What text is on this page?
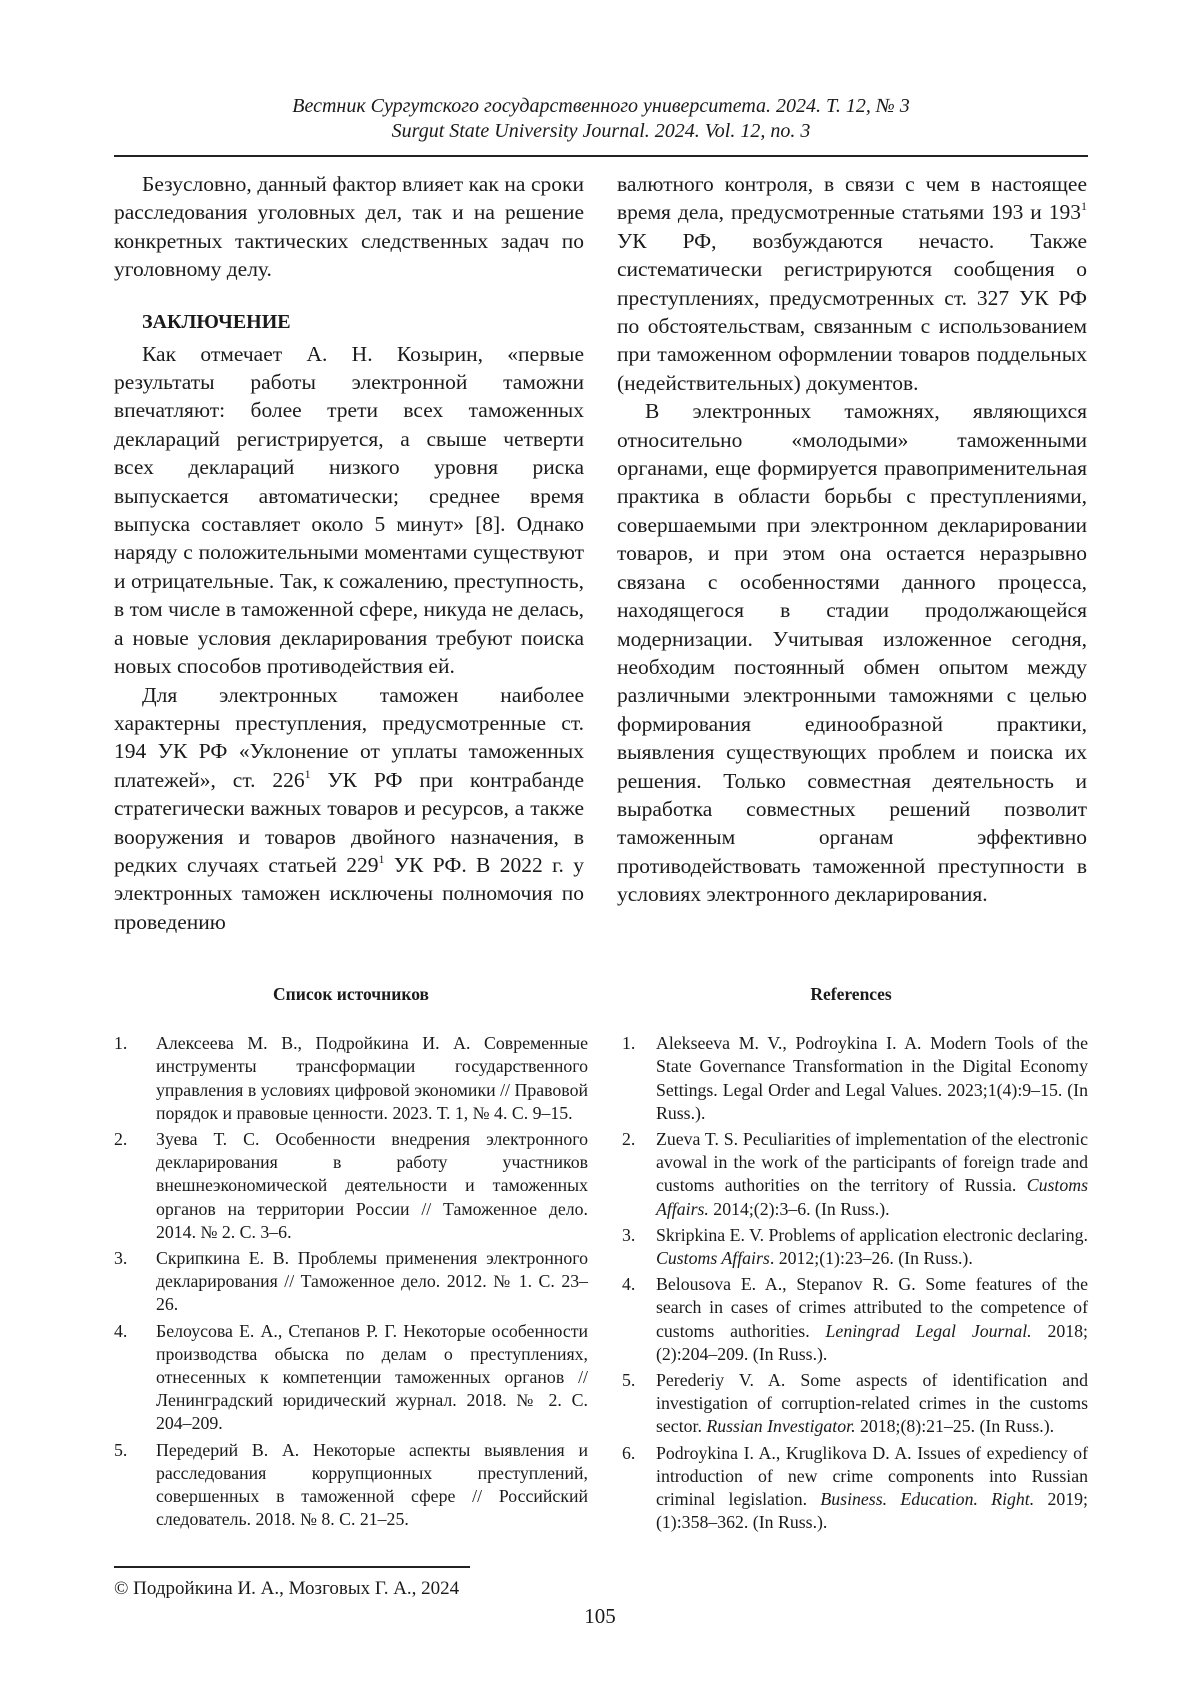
Вестник Сургутского государственного университета. 2024. Т. 12, № 3
Surgut State University Journal. 2024. Vol. 12, no. 3

Безусловно, данный фактор влияет как на сроки расследования уголовных дел, так и на решение конкретных тактических следственных задач по уголовному делу.

ЗАКЛЮЧЕНИЕ

Как отмечает А. Н. Козырин, «первые результаты работы электронной таможни впечатляют: более трети всех таможенных деклараций регистрируется, а свыше четверти всех деклараций низкого уровня риска выпускается автоматически; среднее время выпуска составляет около 5 минут» [8]. Однако наряду с положительными моментами существуют и отрицательные. Так, к сожалению, преступность, в том числе в таможенной сфере, никуда не делась, а новые условия декларирования требуют поиска новых способов противодействия ей.

Для электронных таможен наиболее характерны преступления, предусмотренные ст. 194 УК РФ «Уклонение от уплаты таможенных платежей», ст. 2261 УК РФ при контрабанде стратегически важных товаров и ресурсов, а также вооружения и товаров двойного назначения, в редких случаях статьей 2291 УК РФ. В 2022 г. у электронных таможен исключены полномочия по проведению

валютного контроля, в связи с чем в настоящее время дела, предусмотренные статьями 193 и 1931 УК РФ, возбуждаются нечасто. Также систематически регистрируются сообщения о преступлениях, предусмотренных ст. 327 УК РФ по обстоятельствам, связанным с использованием при таможенном оформлении товаров поддельных (недействительных) документов.

В электронных таможнях, являющихся относительно «молодыми» таможенными органами, еще формируется правоприменительная практика в области борьбы с преступлениями, совершаемыми при электронном декларировании товаров, и при этом она остается неразрывно связана с особенностями данного процесса, находящегося в стадии продолжающейся модернизации. Учитывая изложенное сегодня, необходим постоянный обмен опытом между различными электронными таможнями с целью формирования единообразной практики, выявления существующих проблем и поиска их решения. Только совместная деятельность и выработка совместных решений позволит таможенным органам эффективно противодействовать таможенной преступности в условиях электронного декларирования.

Список источников
1. Алексеева М. В., Подройкина И. А. Современные инструменты трансформации государственного управления в условиях цифровой экономики // Правовой порядок и правовые ценности. 2023. Т. 1, № 4. С. 9–15.
2. Зуева Т. С. Особенности внедрения электронного декларирования в работу участников внешнеэкономической деятельности и таможенных органов на территории России // Таможенное дело. 2014. № 2. С. 3–6.
3. Скрипкина Е. В. Проблемы применения электронного декларирования // Таможенное дело. 2012. № 1. С. 23–26.
4. Белоусова Е. А., Степанов Р. Г. Некоторые особенности производства обыска по делам о преступлениях, отнесенных к компетенции таможенных органов // Ленинградский юридический журнал. 2018. № 2. С. 204–209.
5. Передерий В. А. Некоторые аспекты выявления и расследования коррупционных преступлений, совершенных в таможенной сфере // Российский следователь. 2018. № 8. С. 21–25.
References
1. Alekseeva M. V., Podroykina I. A. Modern Tools of the State Governance Transformation in the Digital Economy Settings. Legal Order and Legal Values. 2023;1(4):9–15. (In Russ.).
2. Zueva T. S. Peculiarities of implementation of the electronic avowal in the work of the participants of foreign trade and customs authorities on the territory of Russia. Customs Affairs. 2014;(2):3–6. (In Russ.).
3. Skripkina E. V. Problems of application electronic declaring. Customs Affairs. 2012;(1):23–26. (In Russ.).
4. Belousova E. A., Stepanov R. G. Some features of the search in cases of crimes attributed to the competence of customs authorities. Leningrad Legal Journal. 2018;(2):204–209. (In Russ.).
5. Perederiy V. A. Some aspects of identification and investigation of corruption-related crimes in the customs sector. Russian Investigator. 2018;(8):21–25. (In Russ.).
6. Podroykina I. A., Kruglikova D. A. Issues of expediency of introduction of new crime components into Russian criminal legislation. Business. Education. Right. 2019;(1):358–362. (In Russ.).
© Подройкина И. А., Мозговых Г. А., 2024
105
